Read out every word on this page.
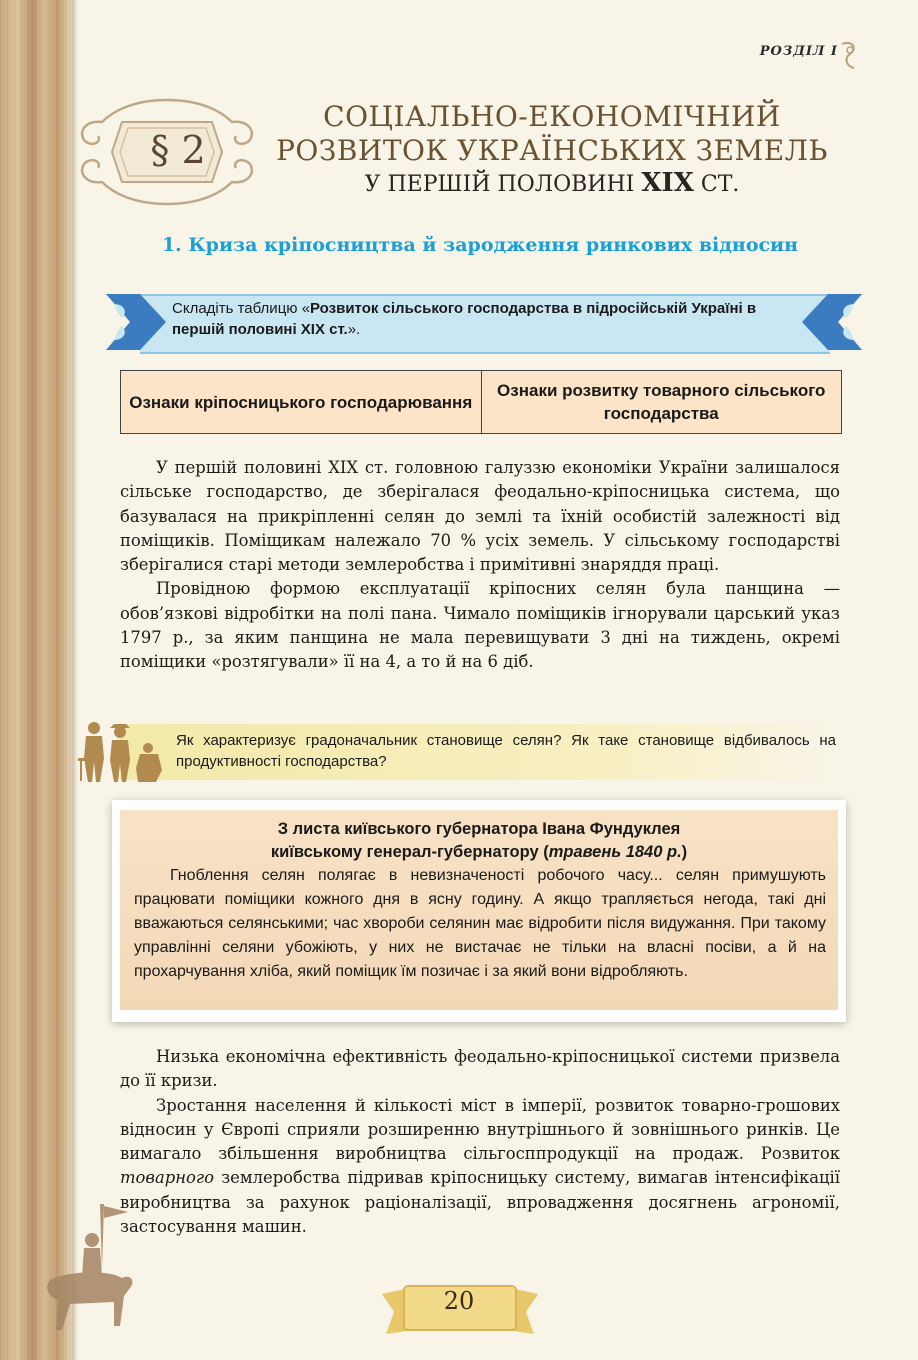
РОЗДІЛ І
§ 2
СОЦІАЛЬНО-ЕКОНОМІЧНИЙ
РОЗВИТОК УКРАЇНСЬКИХ ЗЕМЕЛЬ
У ПЕРШІЙ ПОЛОВИНІ XIX СТ.
1. Криза кріпосництва й зародження ринкових відносин
Складіть таблицю «Розвиток сільського господарства в підросійській Україні в першій половині XIX ст.».
Ознаки кріпосницького господарювання
Ознаки розвитку товарного сільського господарства

У першій половині XIX ст. головною галуззю економіки України залишалося сільське господарство, де зберігалася феодально-кріпосницька система, що базувалася на прикріпленні селян до землі та їхній особистій залежності від поміщиків. Поміщикам належало 70 % усіх земель. У сільському господарстві зберігалися старі методи землеробства і примітивні знаряддя праці.

Провідною формою експлуатації кріпосних селян була панщина — обов’язкові відробітки на полі пана. Чимало поміщиків ігнорували царський указ 1797 р., за яким панщина не мала перевищувати 3 дні на тиждень, окремі поміщики «розтягували» її на 4, а то й на 6 діб.

Як характеризує градоначальник становище селян? Як таке становище відбивалось на продуктивності господарства?
З листа київського губернатора Івана Фундуклея
київському генерал-губернатору (травень 1840 р.)
Гноблення селян полягає в невизначеності робочого часу... селян примушують працювати поміщики кожного дня в ясну годину. А якщо трапляється негода, такі дні вважаються селянськими; час хвороби селянин має відробити після видужання. При такому управлінні селяни убожіють, у них не вистачає не тільки на власні посіви, а й на прохарчування хліба, який поміщик їм позичає і за який вони відробляють.

Низька економічна ефективність феодально-кріпосницької системи призвела до її кризи.

Зростання населення й кількості міст в імперії, розвиток товарно-грошових відносин у Європі сприяли розширенню внутрішнього й зовнішнього ринків. Це вимагало збільшення виробництва сільгосппродукції на продаж. Розвиток товарного землеробства підривав кріпосницьку систему, вимагав інтенсифікації виробництва за рахунок раціоналізації, впровадження досягнень агрономії, застосування машин.

20
